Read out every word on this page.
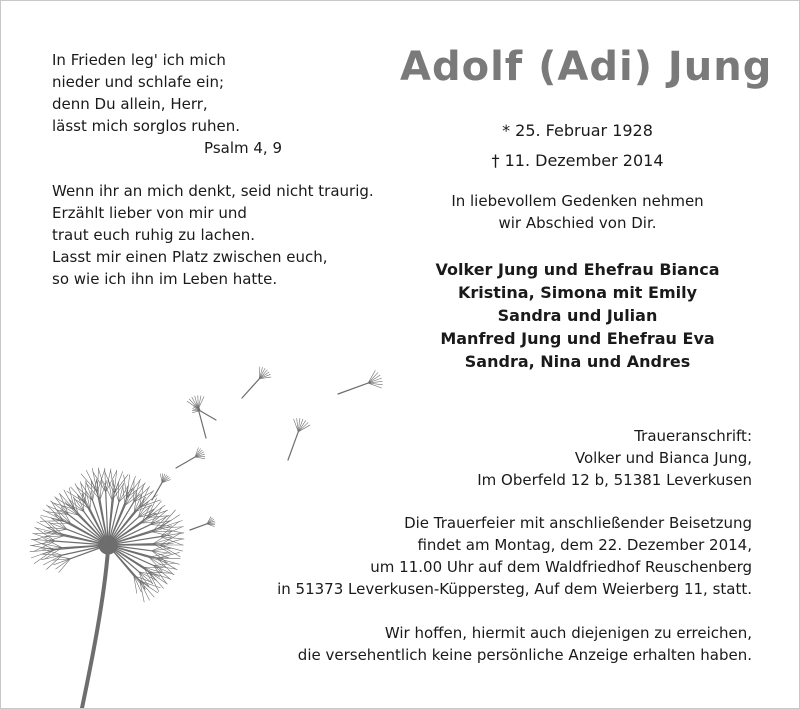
In Frieden leg' ich mich
nieder und schlafe ein;
denn Du allein, Herr,
lässt mich sorglos ruhen.
Psalm 4, 9
Wenn ihr an mich denkt, seid nicht traurig.
Erzählt lieber von mir und
traut euch ruhig zu lachen.
Lasst mir einen Platz zwischen euch,
so wie ich ihn im Leben hatte.
Adolf (Adi) Jung
* 25. Februar 1928
† 11. Dezember 2014
In liebevollem Gedenken nehmen
wir Abschied von Dir.
Volker Jung und Ehefrau Bianca
Kristina, Simona mit Emily
Sandra und Julian
Manfred Jung und Ehefrau Eva
Sandra, Nina und Andres
Traueranschrift:
Volker und Bianca Jung,
Im Oberfeld 12 b, 51381 Leverkusen
Die Trauerfeier mit anschließender Beisetzung
findet am Montag, dem 22. Dezember 2014,
um 11.00 Uhr auf dem Waldfriedhof Reuschenberg
in 51373 Leverkusen-Küppersteg, Auf dem Weierberg 11, statt.
Wir hoffen, hiermit auch diejenigen zu erreichen,
die versehentlich keine persönliche Anzeige erhalten haben.
